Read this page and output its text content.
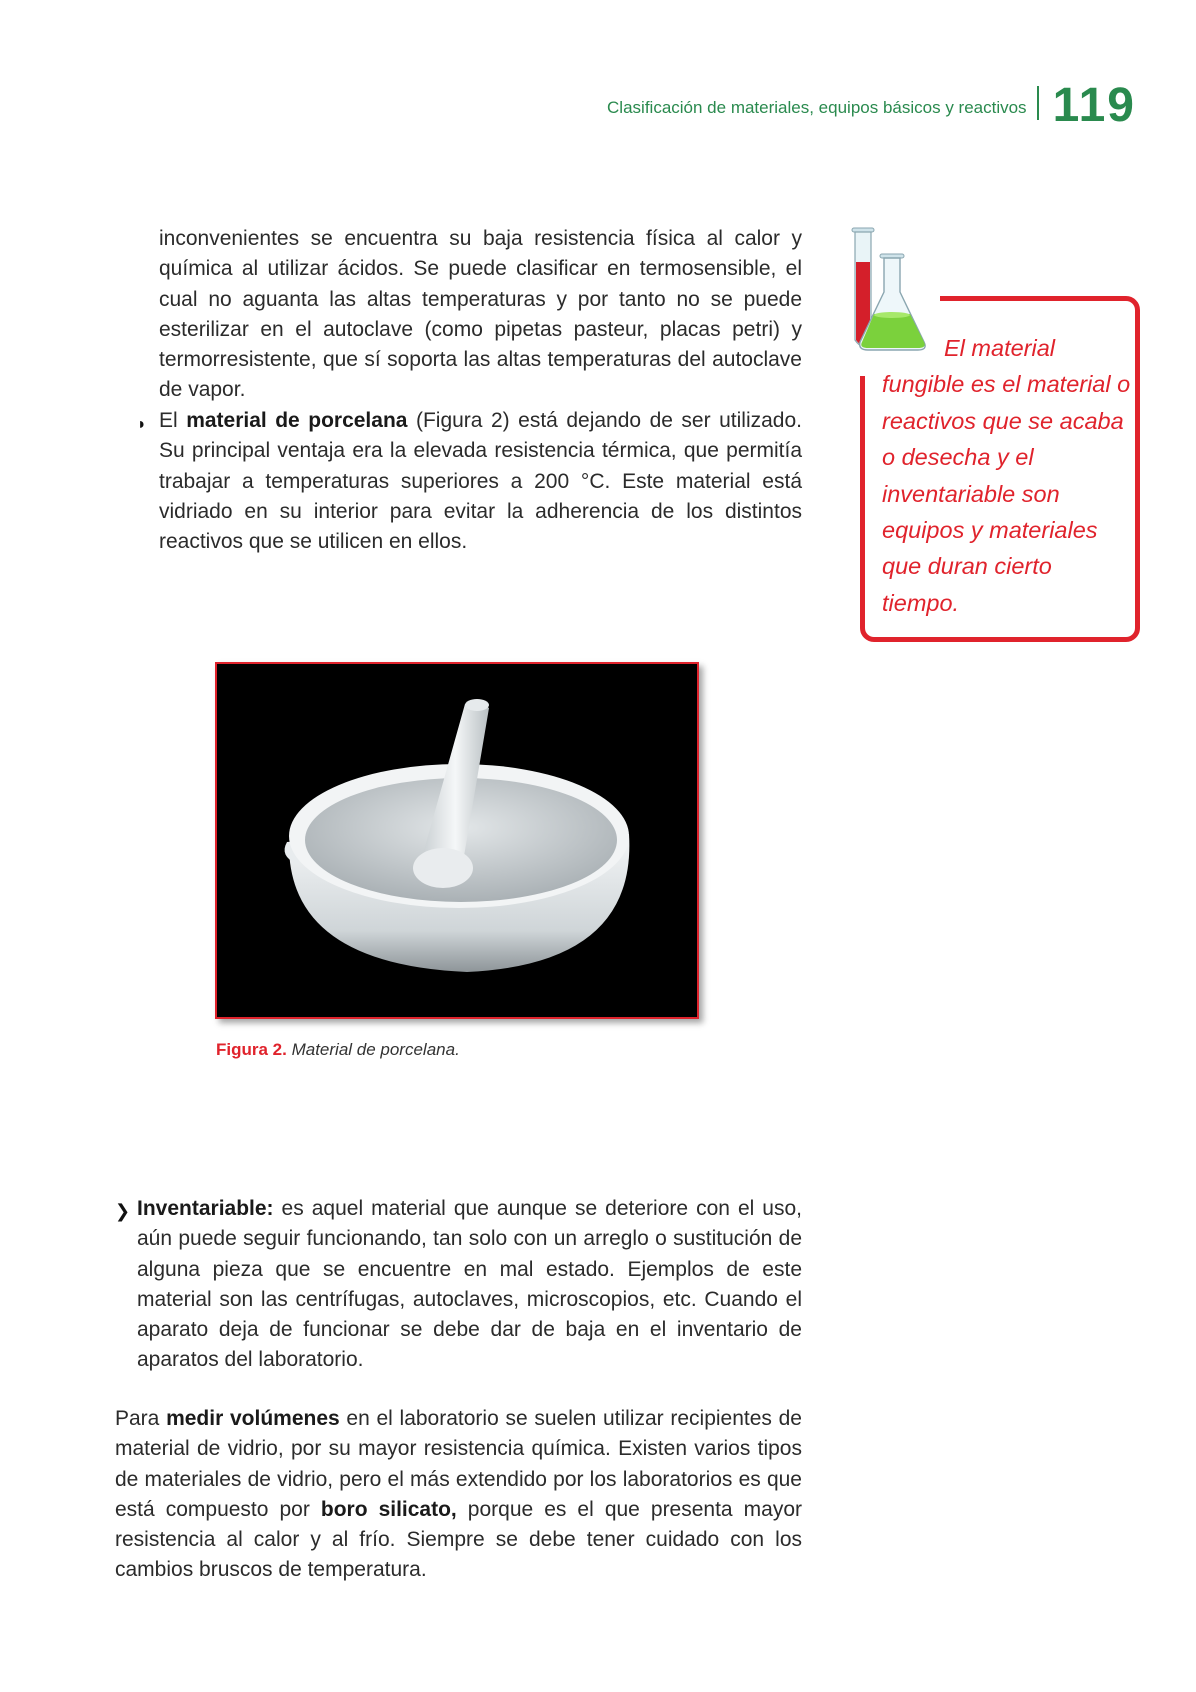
Clasificación de materiales, equipos básicos y reactivos 119

inconvenientes se encuentra su baja resistencia física al calor y química al utilizar ácidos. Se puede clasificar en termosensible, el cual no aguanta las altas temperaturas y por tanto no se puede esterilizar en el autoclave (como pipetas pasteur, placas petri) y termorresistente, que sí soporta las altas temperaturas del autoclave de vapor.

◗ El material de porcelana (Figura 2) está dejando de ser utilizado. Su principal ventaja era la elevada resistencia térmica, que permitía trabajar a temperaturas superiores a 200 °C. Este material está vidriado en su interior para evitar la adherencia de los distintos reactivos que se utilicen en ellos.
El material fungible es el material o reactivos que se acaba o desecha y el inventariable son equipos y materiales que duran cierto tiempo.
Figura 2. Material de porcelana.
❯ Inventariable: es aquel material que aunque se deteriore con el uso, aún puede seguir funcionando, tan solo con un arreglo o sustitución de alguna pieza que se encuentre en mal estado. Ejemplos de este material son las centrífugas, autoclaves, microscopios, etc. Cuando el aparato deja de funcionar se debe dar de baja en el inventario de aparatos del laboratorio.

Para medir volúmenes en el laboratorio se suelen utilizar recipientes de material de vidrio, por su mayor resistencia química. Existen varios tipos de materiales de vidrio, pero el más extendido por los laboratorios es que está compuesto por boro silicato, porque es el que presenta mayor resistencia al calor y al frío. Siempre se debe tener cuidado con los cambios bruscos de temperatura.
